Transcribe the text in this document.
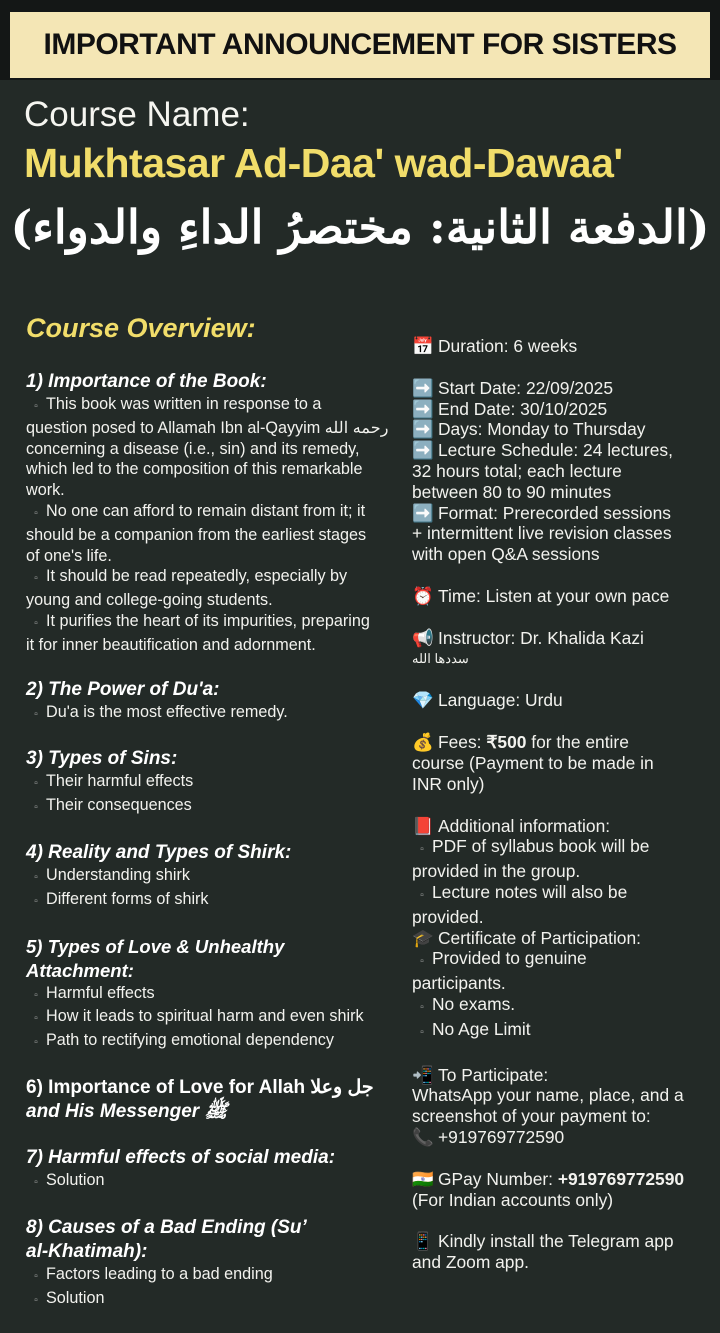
IMPORTANT ANNOUNCEMENT FOR SISTERS
Course Name:
Mukhtasar Ad-Daa' wad-Dawaa'
(الدفعة الثانية: مختصرُ الداءِ والدواء)
Course Overview:
1) Importance of the Book:

▫ This book was written in response to a

question posed to Allamah Ibn al-Qayyim رحمه الله

concerning a disease (i.e., sin) and its remedy,

which led to the composition of this remarkable

work.

▫ No one can afford to remain distant from it; it

should be a companion from the earliest stages

of one's life.

▫ It should be read repeatedly, especially by

young and college-going students.

▫ It purifies the heart of its impurities, preparing

it for inner beautification and adornment.

2) The Power of Du'a:

▫ Du'a is the most effective remedy.

3) Types of Sins:

▫ Their harmful effects

▫ Their consequences

4) Reality and Types of Shirk:

▫ Understanding shirk

▫ Different forms of shirk

5) Types of Love & Unhealthy Attachment:

▫ Harmful effects

▫ How it leads to spiritual harm and even shirk

▫ Path to rectifying emotional dependency

6) Importance of Love for Allah جل وعلا
and His Messenger ﷺ
7) Harmful effects of social media:

▫ Solution

8) Causes of a Bad Ending (Su’
al-Khatimah):

▫ Factors leading to a bad ending

▫ Solution

📅 Duration: 6 weeks

➡️ Start Date: 22/09/2025

➡️ End Date: 30/10/2025

➡️ Days: Monday to Thursday

➡️ Lecture Schedule: 24 lectures,

32 hours total; each lecture

between 80 to 90 minutes

➡️ Format: Prerecorded sessions

+ intermittent live revision classes

with open Q&A sessions

⏰ Time: Listen at your own pace

📢 Instructor: Dr. Khalida Kazi

سددها الله

💎 Language: Urdu

💰 Fees: ₹500 for the entire

course (Payment to be made in

INR only)

📕 Additional information:

▫ PDF of syllabus book will be

provided in the group.

▫ Lecture notes will also be

provided.

🎓 Certificate of Participation:

▫ Provided to genuine

participants.

▫ No exams.

▫ No Age Limit

📲 To Participate:

WhatsApp your name, place, and a

screenshot of your payment to:

📞 +919769772590

🇮🇳 GPay Number: +919769772590

(For Indian accounts only)

📱 Kindly install the Telegram app

and Zoom app.
